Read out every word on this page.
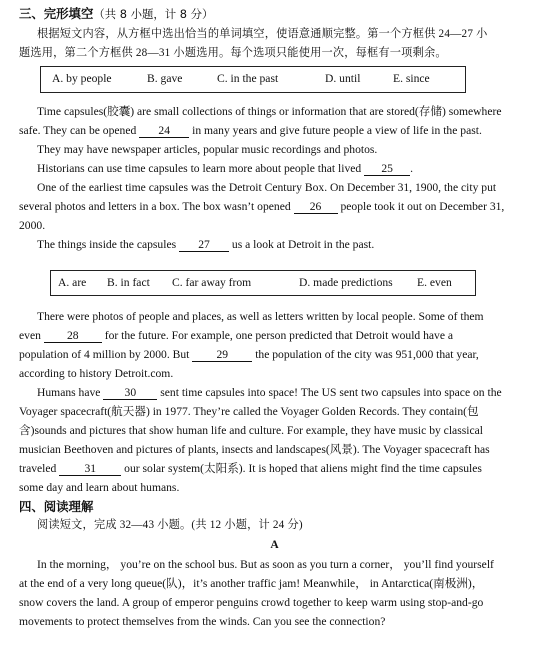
三、完形填空（共 8 小题，计 8 分）
根据短文内容，从方框中选出恰当的单词填空，使语意通顺完整。第一个方框供 24—27 小
题选用，第二个方框供 28—31 小题选用。每个选项只能使用一次，每框有一项剩余。
A. by people	B. gave	C. in the past	D. until	E. since
Time capsules(胶囊) are small collections of things or information that are stored(存储) somewhere
safe. They can be opened 24 in many years and give future people a view of life in the past.
They may have newspaper articles, popular music recordings and photos.
Historians can use time capsules to learn more about people that lived 25 .
One of the earliest time capsules was the Detroit Century Box. On December 31, 1900, the city put
several photos and letters in a box. The box wasn’t opened 26 people took it out on December 31,
2000.
The things inside the capsules 27 us a look at Detroit in the past.
A. are B. in fact C. far away from	D. made predictions E. even
There were photos of people and places, as well as letters written by local people. Some of them
even 28 for the future. For example, one person predicted that Detroit would have a
population of 4 million by 2000. But 29 the population of the city was 951,000 that year,
according to history Detroit.com.
Humans have 30 sent time capsules into space! The US sent two capsules into space on the
Voyager spacecraft(航天器) in 1977. They’re called the Voyager Golden Records. They contain(包
含)sounds and pictures that show human life and culture. For example, they have music by classical
musician Beethoven and pictures of plants, insects and landscapes(风景). The Voyager spacecraft has
traveled 31 our solar system(太阳系). It is hoped that aliens might find the time capsules
some day and learn about humans.
四、阅读理解
阅读短文，完成 32—43 小题。(共 12 小题，计 24 分)
A
In the morning， you’re on the school bus. But as soon as you turn a corner， you’ll find yourself
at the end of a very long queue(队)，it’s another traffic jam! Meanwhile， in Antarctica(南极洲)，
snow covers the land. A group of emperor penguins crowd together to keep warm using stop-and-go
movements to protect themselves from the winds. Can you see the connection?
